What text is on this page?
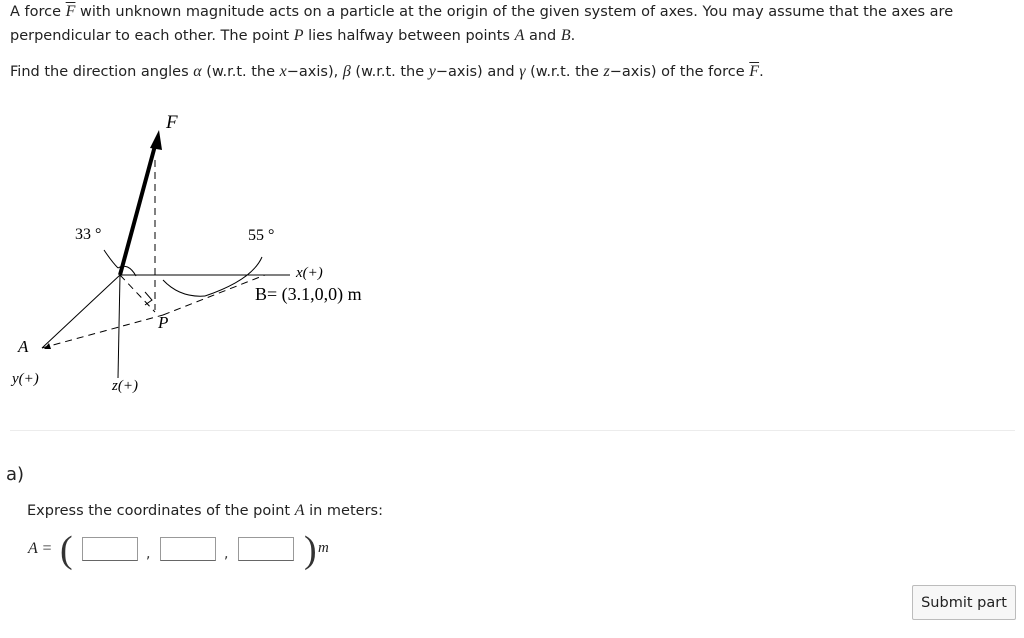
A force $\overline{F}$ with unknown magnitude acts on a particle at the origin of the given system of axes. You may assume that the axes are perpendicular to each other. The point P lies halfway between points A and B.

Find the direction angles α (w.r.t. the x−axis), β (w.r.t. the y−axis) and γ (w.r.t. the z−axis) of the force $\overline{F}$.

F
33 °	55 °
x(+)
B= (3.1,0,0) m
P
A
y(+)	z(+)
a)
Express the coordinates of the point A in meters:
A = (	,	, ) m
Submit part
